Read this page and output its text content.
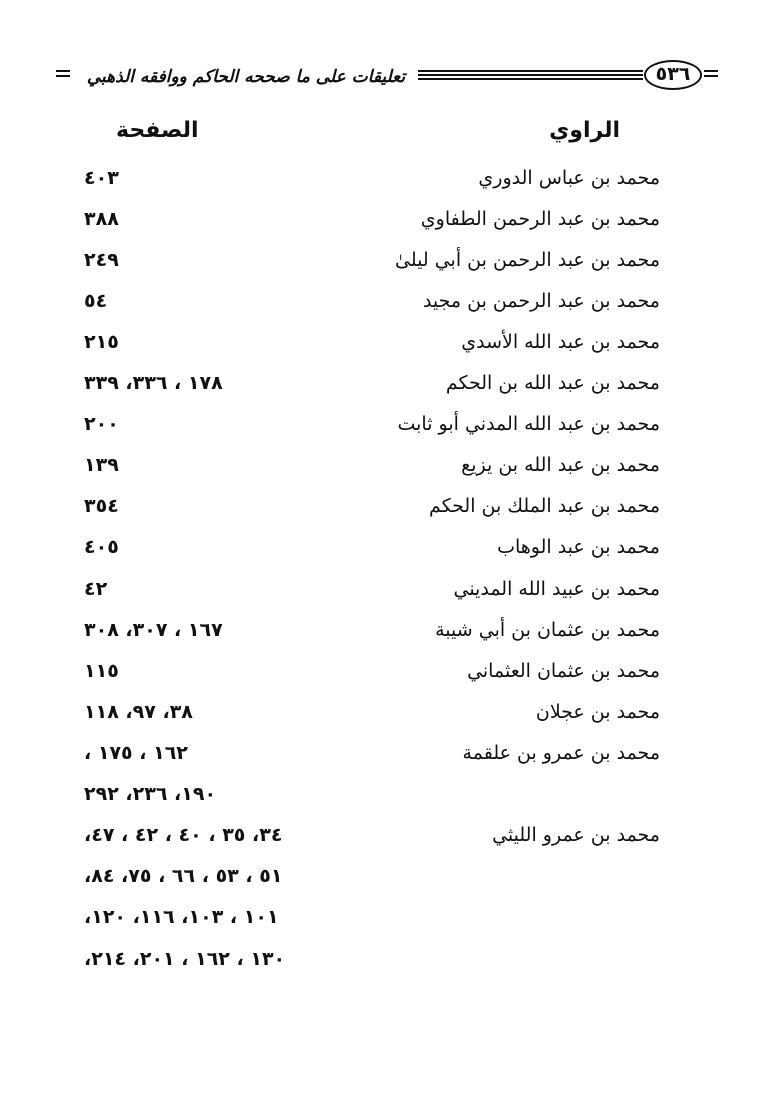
تعليقات على ما صححه الحاكم ووافقه الذهبي	٥٣٦
الراوي
الصفحة
محمد بن عباس الدوري
٤٠٣
محمد بن عبد الرحمن الطفاوي
٣٨٨
محمد بن عبد الرحمن بن أبي ليلىٰ
٢٤٩
محمد بن عبد الرحمن بن مجيد
٥٤
محمد بن عبد الله الأسدي
٢١٥
محمد بن عبد الله بن الحكم
١٧٨ ، ٣٣٦، ٣٣٩
محمد بن عبد الله المدني أبو ثابت
٢٠٠
محمد بن عبد الله بن يزيع
١٣٩
محمد بن عبد الملك بن الحكم
٣٥٤
محمد بن عبد الوهاب
٤٠٥
محمد بن عبيد الله المديني
٤٢
محمد بن عثمان بن أبي شيبة
١٦٧ ، ٣٠٧، ٣٠٨
محمد بن عثمان العثماني
١١٥
محمد بن عجلان
٣٨، ٩٧، ١١٨
محمد بن عمرو بن علقمة
١٦٢ ، ١٧٥ ،
١٩٠، ٢٣٦، ٢٩٢
محمد بن عمرو الليثي
٣٤، ٣٥ ، ٤٠ ، ٤٢ ، ٤٧،
٥١ ، ٥٣ ، ٦٦ ، ٧٥، ٨٤،
١٠١ ، ١٠٣، ١١٦، ١٢٠،
١٣٠ ، ١٦٢ ، ٢٠١، ٢١٤،
